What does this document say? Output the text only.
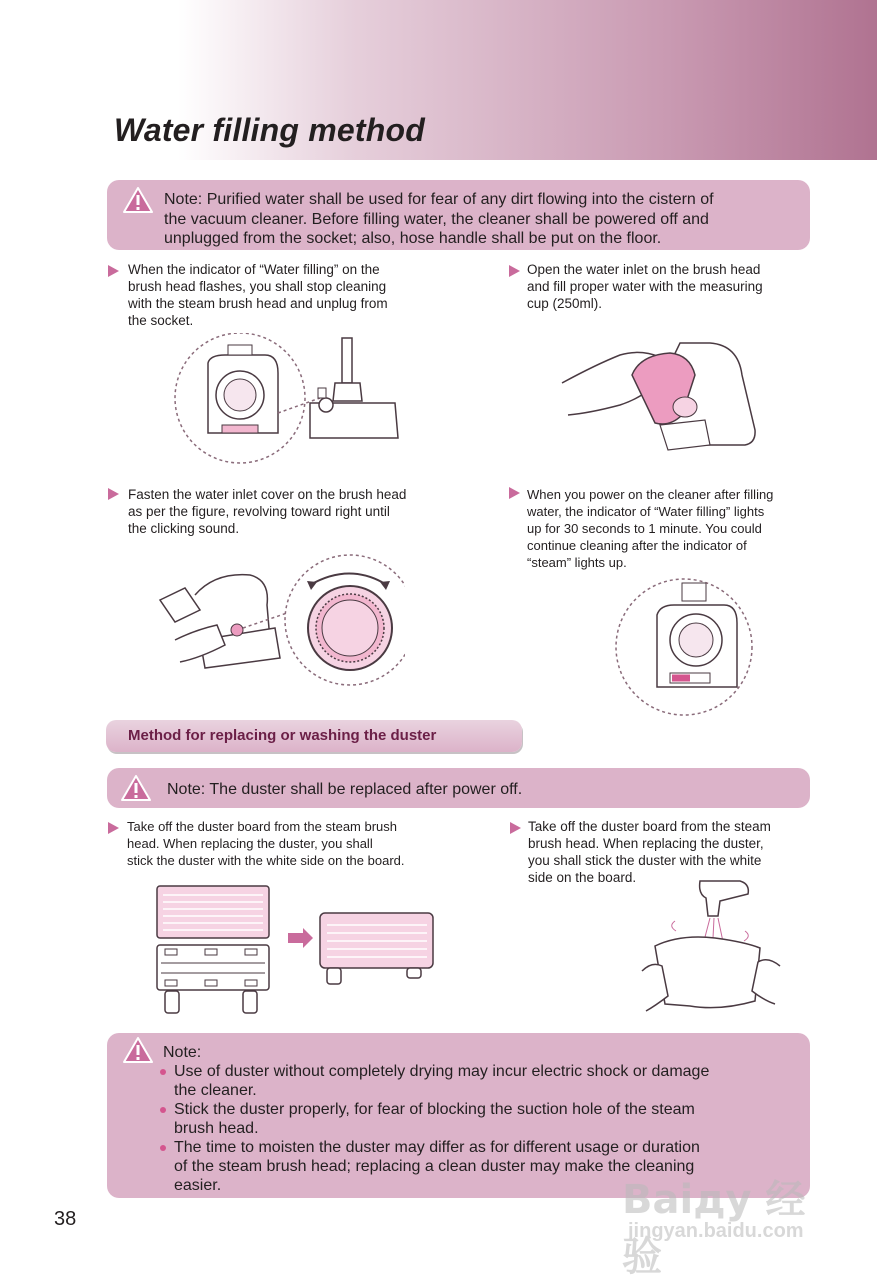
Water filling method
Note: Purified water shall be used for fear of any dirt flowing into the cistern of
the vacuum cleaner. Before filling water, the cleaner shall be powered off and
unplugged from the socket; also, hose handle shall be put on the floor.
When the indicator of “Water filling” on the
brush head flashes, you shall stop cleaning
with the steam brush head and unplug from
the socket.
Open the water inlet on the brush head
and fill proper water with the measuring
cup (250ml).
Fasten the water inlet cover on the brush head
as per the figure, revolving toward right until
the clicking sound.
When you power on the cleaner after filling
water, the indicator of “Water filling” lights
up for 30 seconds to 1 minute. You could
continue cleaning after the indicator of
“steam” lights up.
Method for replacing or washing the duster
Note: The duster shall be replaced after power off.
Take off the duster board from the steam brush
head. When replacing the duster, you shall
stick the duster with the white side on the board.
Take off the duster board from the steam
brush head. When replacing the duster,
you shall stick the duster with the white
side on the board.
Note:
Use of duster without completely drying may incur electric shock or damage
the cleaner.
Stick the duster properly, for fear of blocking the suction hole of the steam
brush head.
The time to moisten the duster may differ as for different usage or duration
of the steam brush head; replacing a clean duster may make the cleaning
easier.
38	Baiду 经验
jingyan.baidu.com
